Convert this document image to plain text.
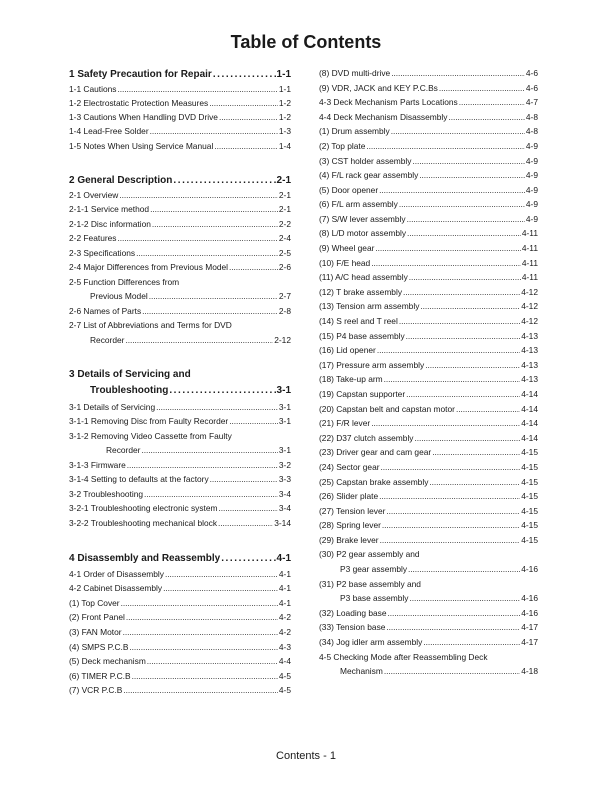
Table of Contents
1 Safety Precaution for Repair . . .	1-1
1-1 Cautions . . .	1-1
1-2 Electrostatic Protection Measures . . .	1-2
1-3 Cautions When Handling DVD Drive . . .	1-2
1-4 Lead-Free Solder . . .	1-3
1-5 Notes When Using Service Manual . . .	1-4
2 General Description . . .	2-1
2-1 Overview . . .	2-1
2-1-1 Service method . . .	2-1
2-1-2 Disc information . . .	2-2
2-2 Features . . .	2-4
2-3 Specifications . . .	2-5
2-4 Major Differences from Previous Model . . .	2-6
2-5 Function Differences from
Previous Model . . .	2-7
2-6 Names of Parts . . .	2-8
2-7 List of Abbreviations and Terms for DVD
Recorder . . .	2-12
3 Details of Servicing and
Troubleshooting . . .	3-1
3-1 Details of Servicing . . .	3-1
3-1-1 Removing Disc from Faulty Recorder . . .	3-1
3-1-2 Removing Video Cassette from Faulty
Recorder . . .	3-1
3-1-3 Firmware . . .	3-2
3-1-4 Setting to defaults at the factory . . .	3-3
3-2 Troubleshooting . . .	3-4
3-2-1 Troubleshooting electronic system . . .	3-4
3-2-2 Troubleshooting mechanical block . . .	3-14
4 Disassembly and Reassembly . . .	4-1
4-1 Order of Disassembly . . .	4-1
4-2 Cabinet Disassembly . . .	4-1
(1) Top Cover . . .	4-1
(2) Front Panel . . .	4-2
(3) FAN Motor . . .	4-2
(4) SMPS P.C.B . . .	4-3
(5) Deck mechanism . . .	4-4
(6) TIMER P.C.B . . .	4-5
(7) VCR P.C.B . . .	4-5
(8) DVD multi-drive . . .	4-6
(9) VDR, JACK and KEY P.C.Bs . . .	4-6
4-3 Deck Mechanism Parts Locations . . .	4-7
4-4 Deck Mechanism Disassembly . . .	4-8
(1) Drum assembly . . .	4-8
(2) Top plate . . .	4-9
(3) CST holder assembly . . .	4-9
(4) F/L rack gear assembly . . .	4-9
(5) Door opener . . .	4-9
(6) F/L arm assembly . . .	4-9
(7) S/W lever assembly . . .	4-9
(8) L/D motor assembly . . .	4-11
(9) Wheel gear . . .	4-11
(10) F/E head . . .	4-11
(11) A/C head assembly . . .	4-11
(12) T brake assembly . . .	4-12
(13) Tension arm assembly . . .	4-12
(14) S reel and T reel . . .	4-12
(15) P4 base assembly . . .	4-13
(16) Lid opener . . .	4-13
(17) Pressure arm assembly . . .	4-13
(18) Take-up arm . . .	4-13
(19) Capstan supporter . . .	4-14
(20) Capstan belt and capstan motor . . .	4-14
(21) F/R lever . . .	4-14
(22) D37 clutch assembly . . .	4-14
(23) Driver gear and cam gear . . .	4-15
(24) Sector gear . . .	4-15
(25) Capstan brake assembly . . .	4-15
(26) Slider plate . . .	4-15
(27) Tension lever . . .	4-15
(28) Spring lever . . .	4-15
(29) Brake lever . . .	4-15
(30) P2 gear assembly and
P3 gear assembly . . .	4-16
(31) P2 base assembly and
P3 base assembly . . .	4-16
(32) Loading base . . .	4-16
(33) Tension base . . .	4-17
(34) Jog idler arm assembly . . .	4-17
4-5 Checking Mode after Reassembling Deck
Mechanism . . .	4-18
Contents - 1
